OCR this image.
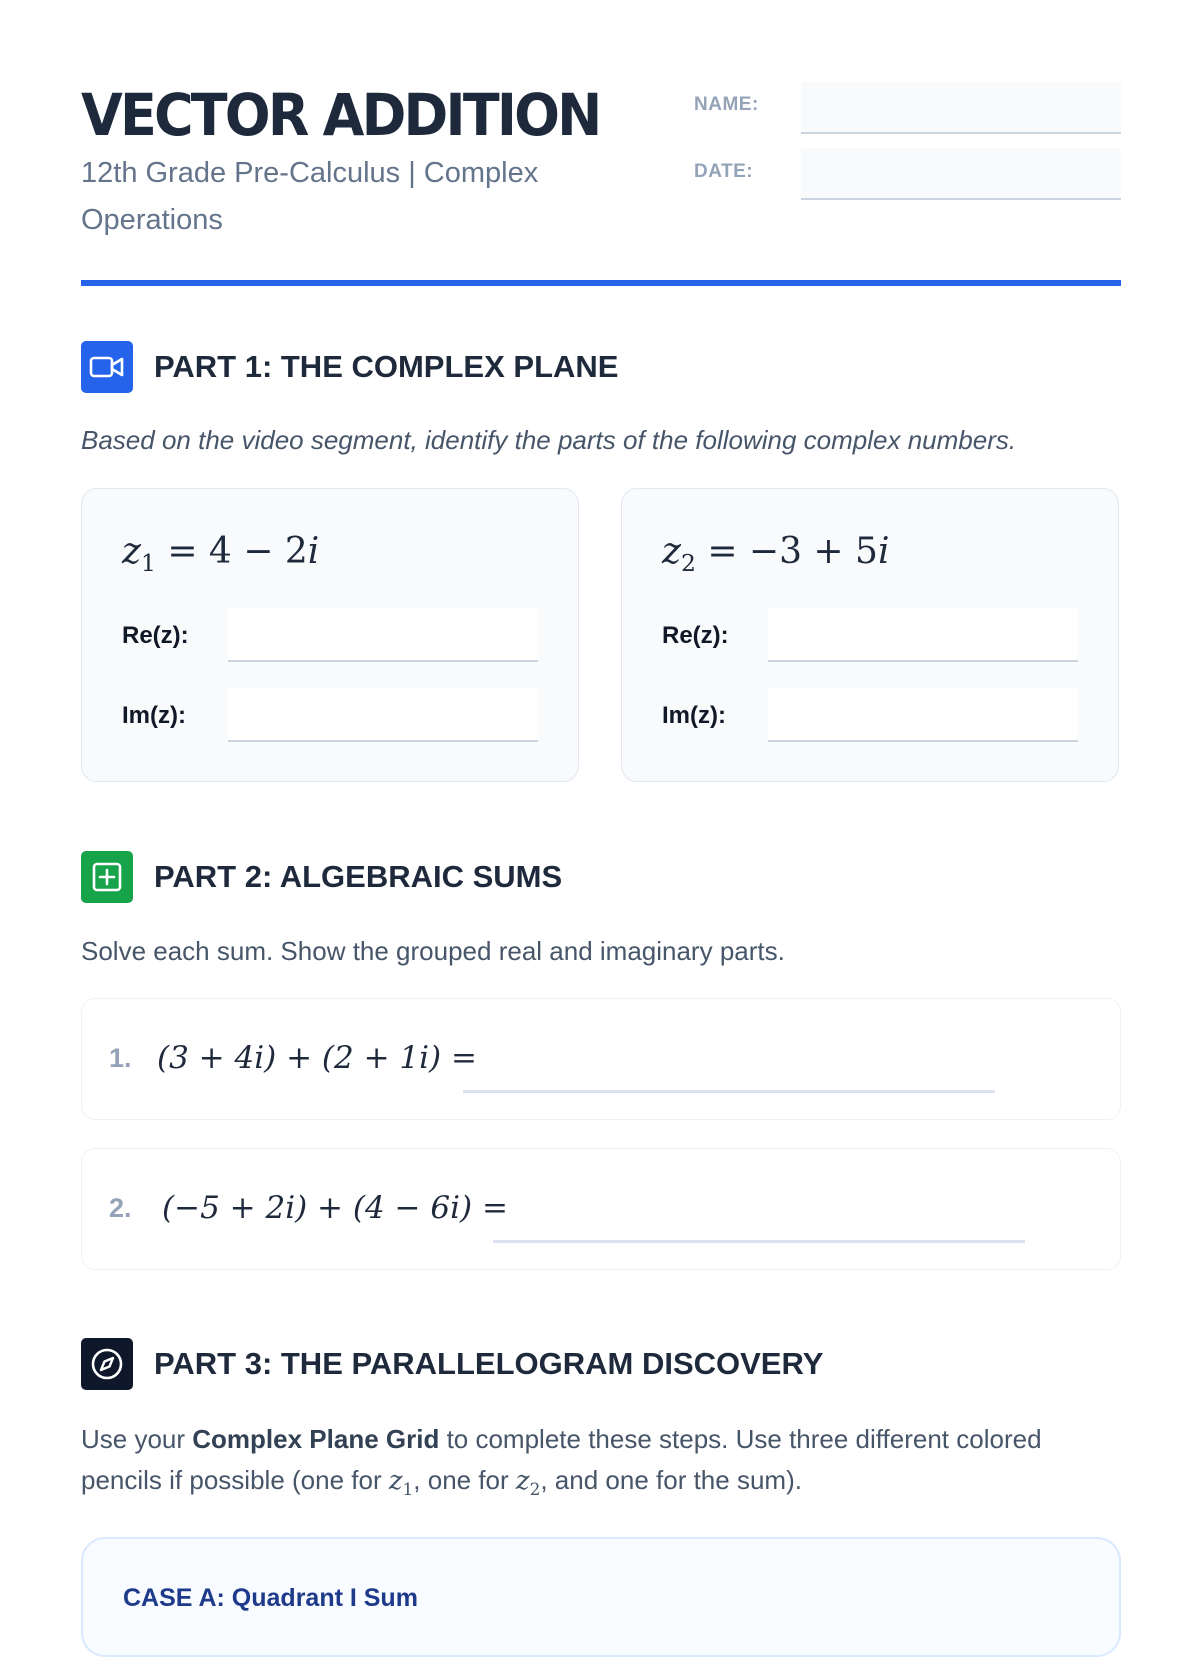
VECTOR ADDITION

12th Grade Pre-Calculus | Complex Operations

NAME:
DATE:
PART 1: THE COMPLEX PLANE

Based on the video segment, identify the parts of the following complex numbers.

$z_1 = 4 - 2i$
Re(z):
Im(z):
$z_2 = -3 + 5i$
Re(z):
Im(z):
PART 2: ALGEBRAIC SUMS

Solve each sum. Show the grouped real and imaginary parts.

1. (3 + 4i) + (2 + 1i) =
2. (−5 + 2i) + (4 − 6i) =
PART 3: THE PARALLELOGRAM DISCOVERY

Use your Complex Plane Grid to complete these steps. Use three different colored pencils if possible (one for $z_1$, one for $z_2$, and one for the sum).

CASE A: Quadrant I Sum
